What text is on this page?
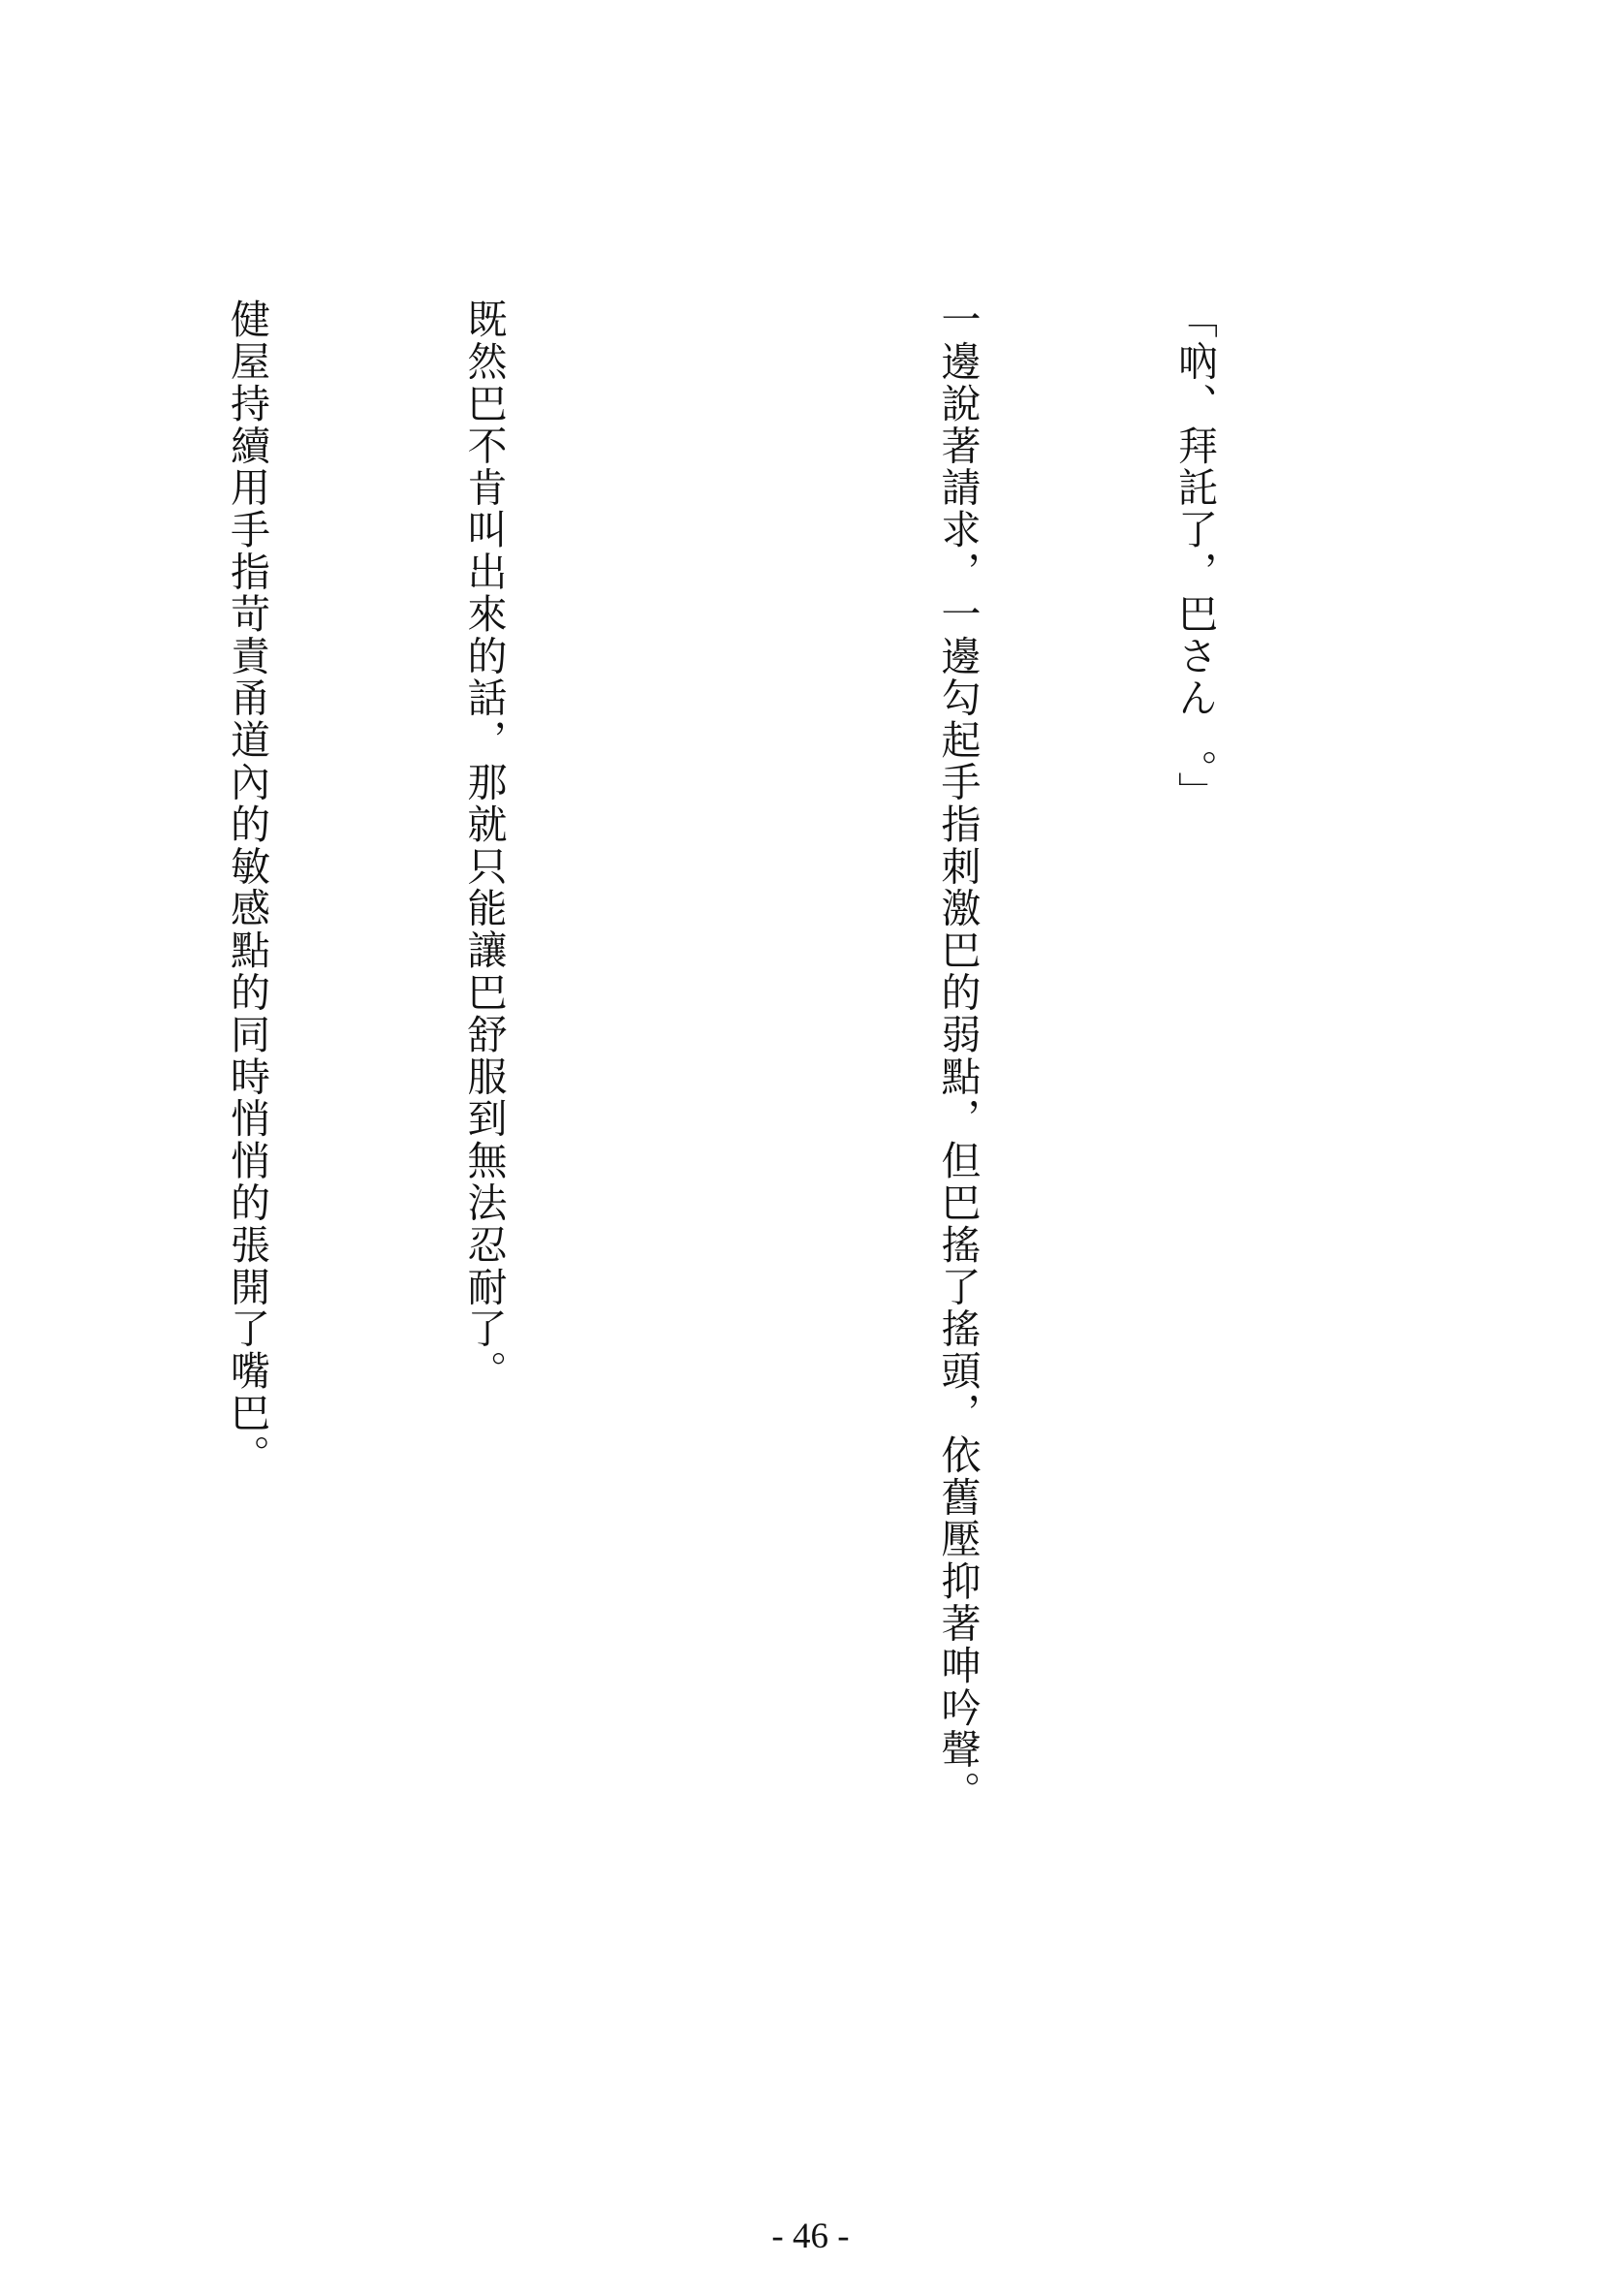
「吶、拜託了，巴さん  。」

一邊說著請求，一邊勾起手指刺激巴的弱點，但巴搖了搖頭，依舊壓抑著呻吟聲。

既然巴不肯叫出來的話，那就只能讓巴舒服到無法忍耐了。

健屋持續用手指苛責甬道內的敏感點的同時悄悄的張開了嘴巴。

- 46 -
